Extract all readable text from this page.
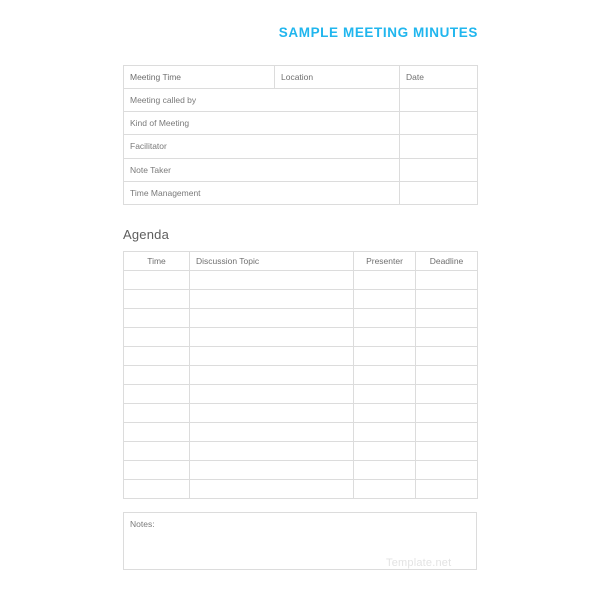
SAMPLE MEETING MINUTES
Meeting Time	Location	Date
Meeting called by		
Kind of Meeting		
Facilitator		
Note Taker		
Time Management		
Agenda
Time	Discussion Topic	Presenter	Deadline

Notes:
Template.net
